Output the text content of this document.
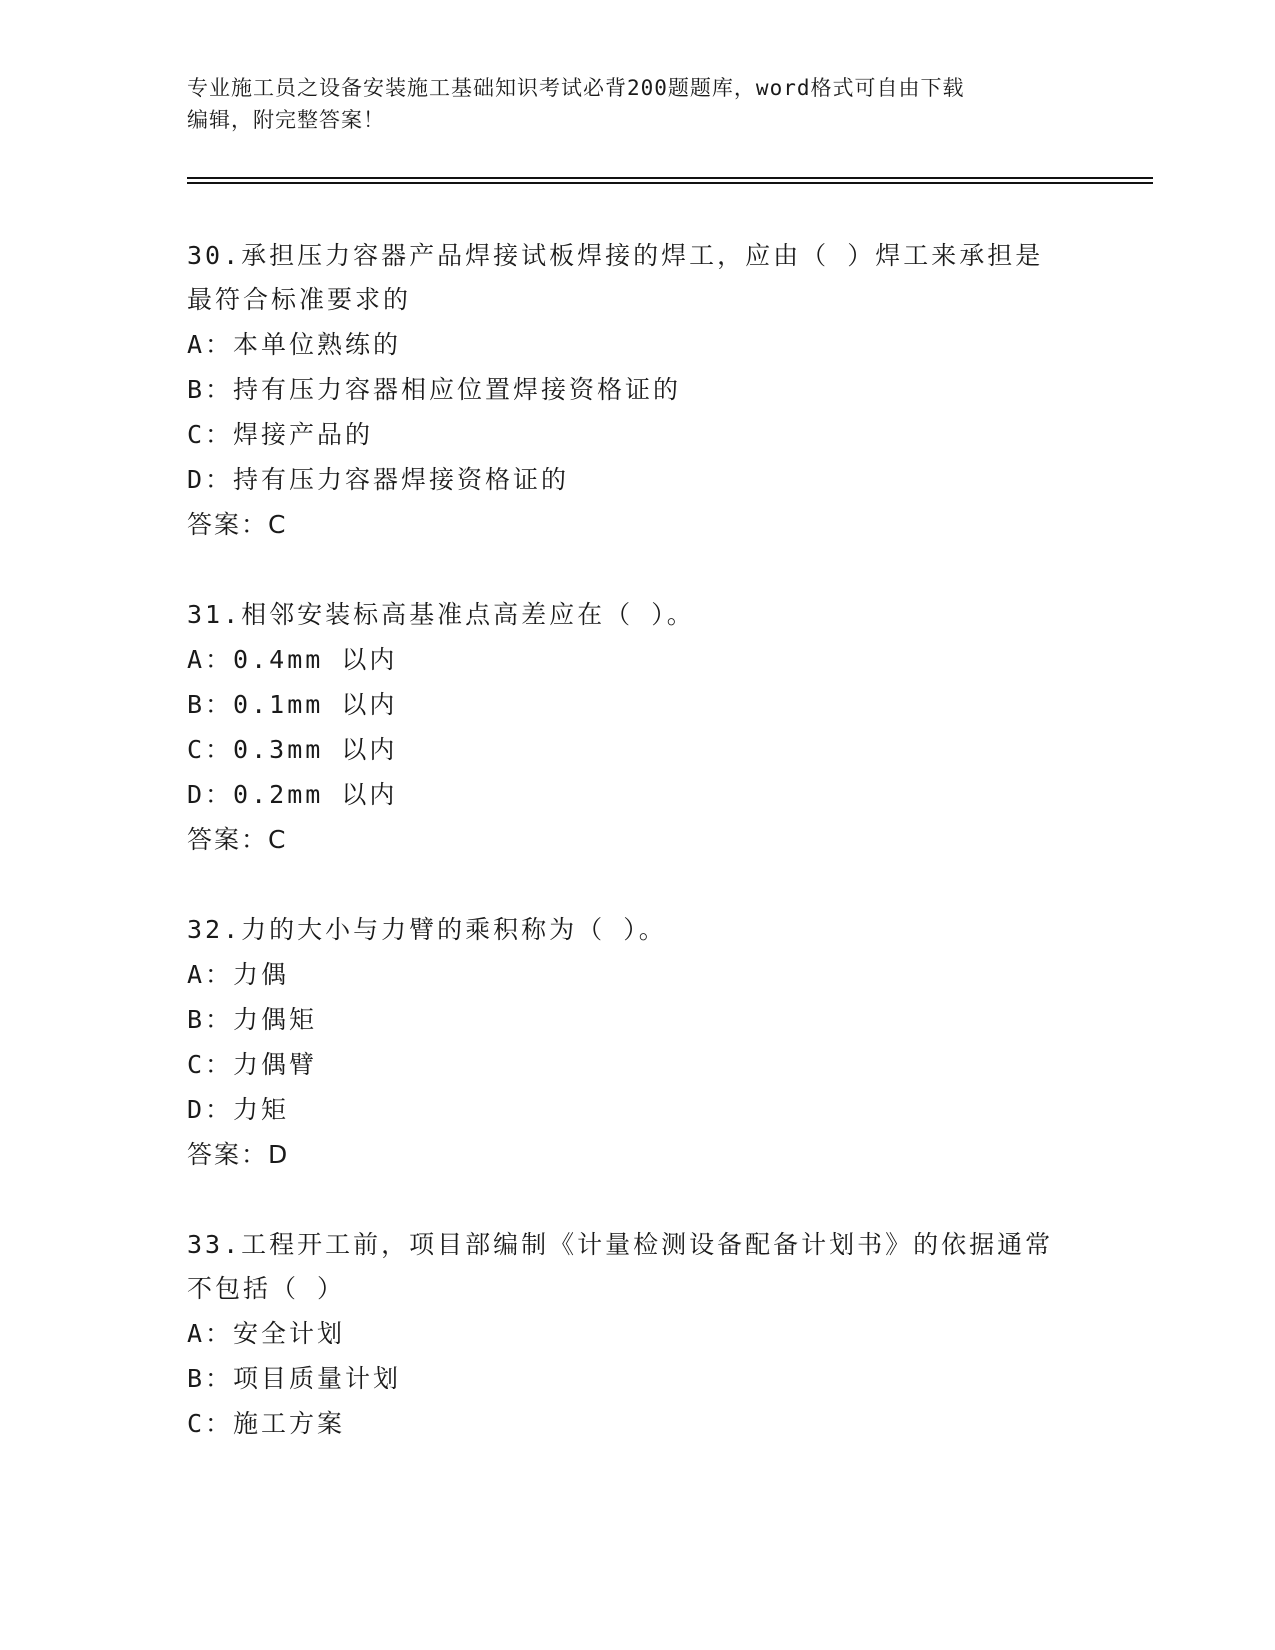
专业施工员之设备安装施工基础知识考试必背200题题库，word格式可自由下载
编辑，附完整答案！

30.承担压力容器产品焊接试板焊接的焊工，应由（ ）焊工来承担是

最符合标准要求的

A：本单位熟练的

B：持有压力容器相应位置焊接资格证的

C：焊接产品的

D：持有压力容器焊接资格证的

答案：C

31.相邻安装标高基准点高差应在（ ）。

A：0.4mm 以内

B：0.1mm 以内

C：0.3mm 以内

D：0.2mm 以内

答案：C

32.力的大小与力臂的乘积称为（ ）。

A：力偶

B：力偶矩

C：力偶臂

D：力矩

答案：D

33.工程开工前，项目部编制《计量检测设备配备计划书》的依据通常

不包括（ ）

A：安全计划

B：项目质量计划

C：施工方案
